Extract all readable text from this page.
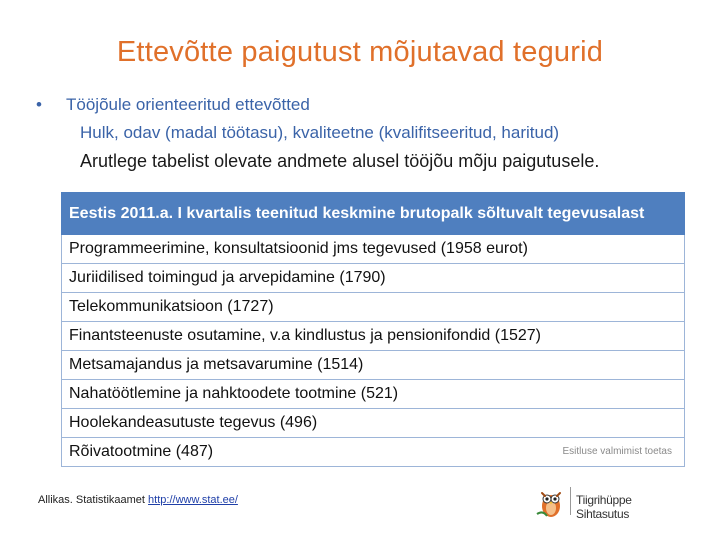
Ettevõtte paigutust mõjutavad tegurid
• Tööjõule orienteeritud ettevõtted
Hulk, odav (madal töötasu), kvaliteetne (kvalifitseeritud, haritud)
Arutlege tabelist olevate andmete alusel tööjõu mõju paigutusele.
Eestis 2011.a. I kvartalis teenitud keskmine brutopalk sõltuvalt tegevusalast
Programmeerimine, konsultatsioonid jms tegevused (1958 eurot)
Juriidilised toimingud ja arvepidamine (1790)
Telekommunikatsioon (1727)
Finantsteenuste osutamine, v.a kindlustus ja pensionifondid (1527)
Metsamajandus ja metsavarumine (1514)
Nahatöötlemine ja nahktoodete tootmine (521)
Hoolekandeasutuste tegevus (496)
Rõivatootmine (487)	Esitluse valmimist toetas
Allikas. Statistikaamet http://www.stat.ee/	Tiigrihüppe Sihtasutus
